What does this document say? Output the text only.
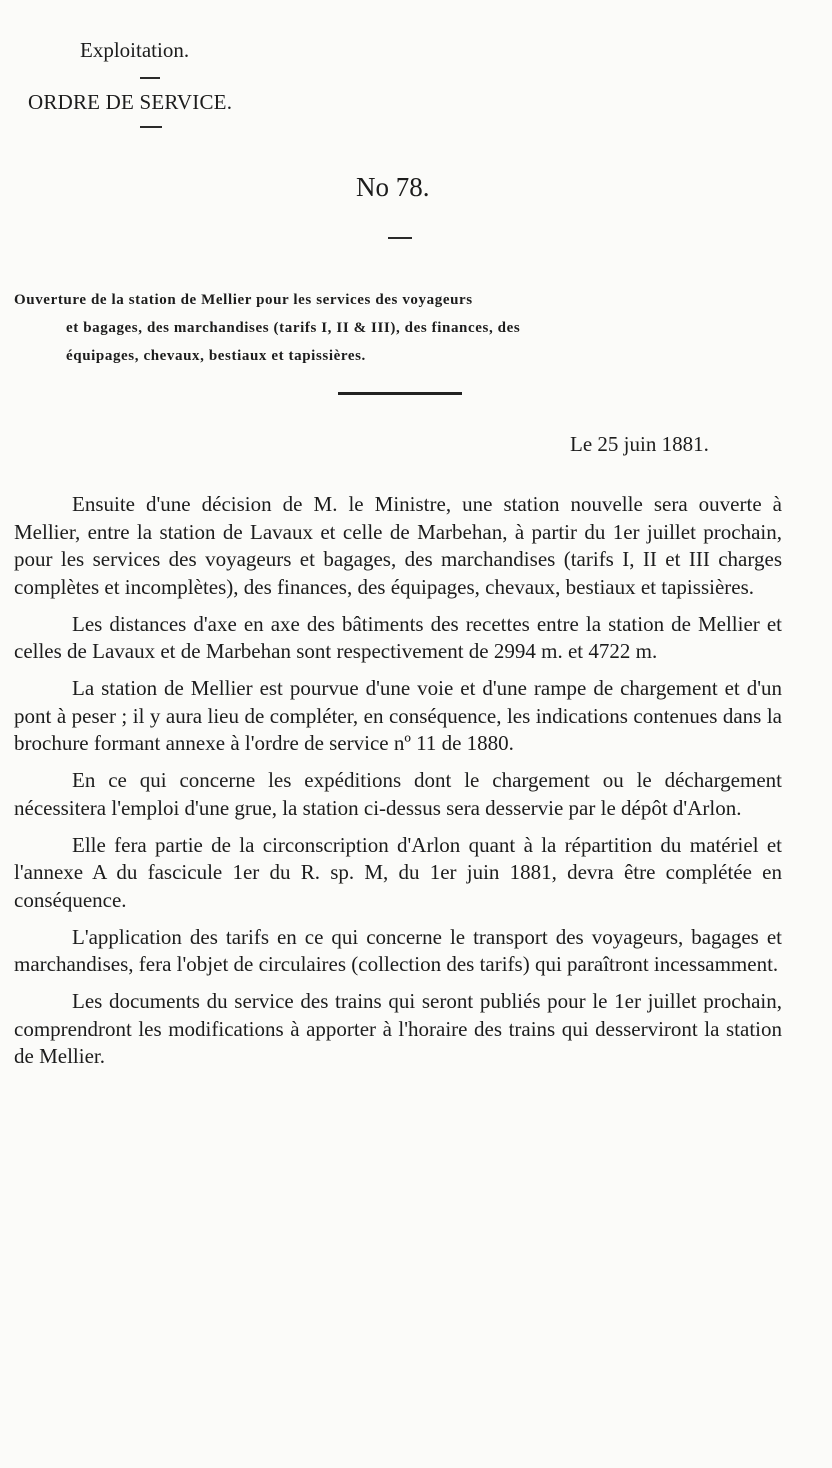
Exploitation.
ORDRE DE SERVICE.
No 78.
Ouverture de la station de Mellier pour les services des voyageurs
et bagages, des marchandises (tarifs I, II & III), des finances, des
équipages, chevaux, bestiaux et tapissières.
Le 25 juin 1881.

Ensuite d'une décision de M. le Ministre, une station nouvelle sera ouverte à Mellier, entre la station de Lavaux et celle de Marbehan, à partir du 1er juillet prochain, pour les services des voyageurs et bagages, des marchandises (tarifs I, II et III charges complètes et incomplètes), des finances, des équipages, chevaux, bestiaux et tapissières.

Les distances d'axe en axe des bâtiments des recettes entre la station de Mellier et celles de Lavaux et de Marbehan sont respectivement de 2994 m. et 4722 m.

La station de Mellier est pourvue d'une voie et d'une rampe de chargement et d'un pont à peser ; il y aura lieu de compléter, en conséquence, les indications contenues dans la brochure formant annexe à l'ordre de service nº 11 de 1880.

En ce qui concerne les expéditions dont le chargement ou le déchargement nécessitera l'emploi d'une grue, la station ci-dessus sera desservie par le dépôt d'Arlon.

Elle fera partie de la circonscription d'Arlon quant à la répartition du matériel et l'annexe A du fascicule 1er du R. sp. M, du 1er juin 1881, devra être complétée en conséquence.

L'application des tarifs en ce qui concerne le transport des voyageurs, bagages et marchandises, fera l'objet de circulaires (collection des tarifs) qui paraîtront incessamment.

Les documents du service des trains qui seront publiés pour le 1er juillet prochain, comprendront les modifications à apporter à l'horaire des trains qui desserviront la station de Mellier.
